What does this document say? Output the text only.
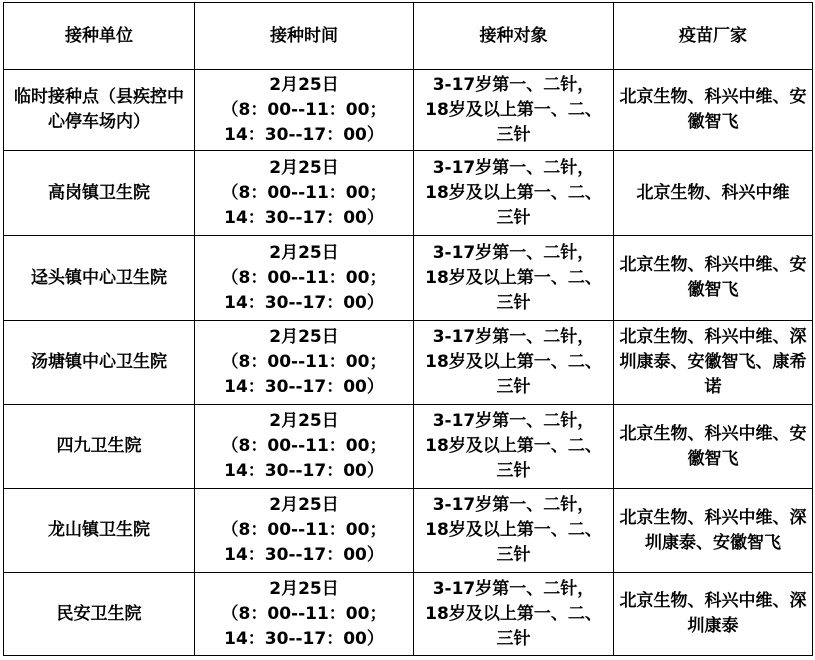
接种单位	接种时间	接种对象	疫苗厂家
临时接种点（县疾控中心停车场内）	2月25日
（8：00--11：00；
14：30--17：00）	3-17岁第一、二针，
18岁及以上第一、二、
三针	北京生物、科兴中维、安徽智飞
高岗镇卫生院	2月25日
（8：00--11：00；
14：30--17：00）	3-17岁第一、二针，
18岁及以上第一、二、
三针	北京生物、科兴中维
迳头镇中心卫生院	2月25日
（8：00--11：00；
14：30--17：00）	3-17岁第一、二针，
18岁及以上第一、二、
三针	北京生物、科兴中维、安徽智飞
汤塘镇中心卫生院	2月25日
（8：00--11：00；
14：30--17：00）	3-17岁第一、二针，
18岁及以上第一、二、
三针	北京生物、科兴中维、深圳康泰、安徽智飞、康希诺
四九卫生院	2月25日
（8：00--11：00；
14：30--17：00）	3-17岁第一、二针，
18岁及以上第一、二、
三针	北京生物、科兴中维、安徽智飞
龙山镇卫生院	2月25日
（8：00--11：00；
14：30--17：00）	3-17岁第一、二针，
18岁及以上第一、二、
三针	北京生物、科兴中维、深圳康泰、安徽智飞
民安卫生院	2月25日
（8：00--11：00；
14：30--17：00）	3-17岁第一、二针，
18岁及以上第一、二、
三针	北京生物、科兴中维、深圳康泰
